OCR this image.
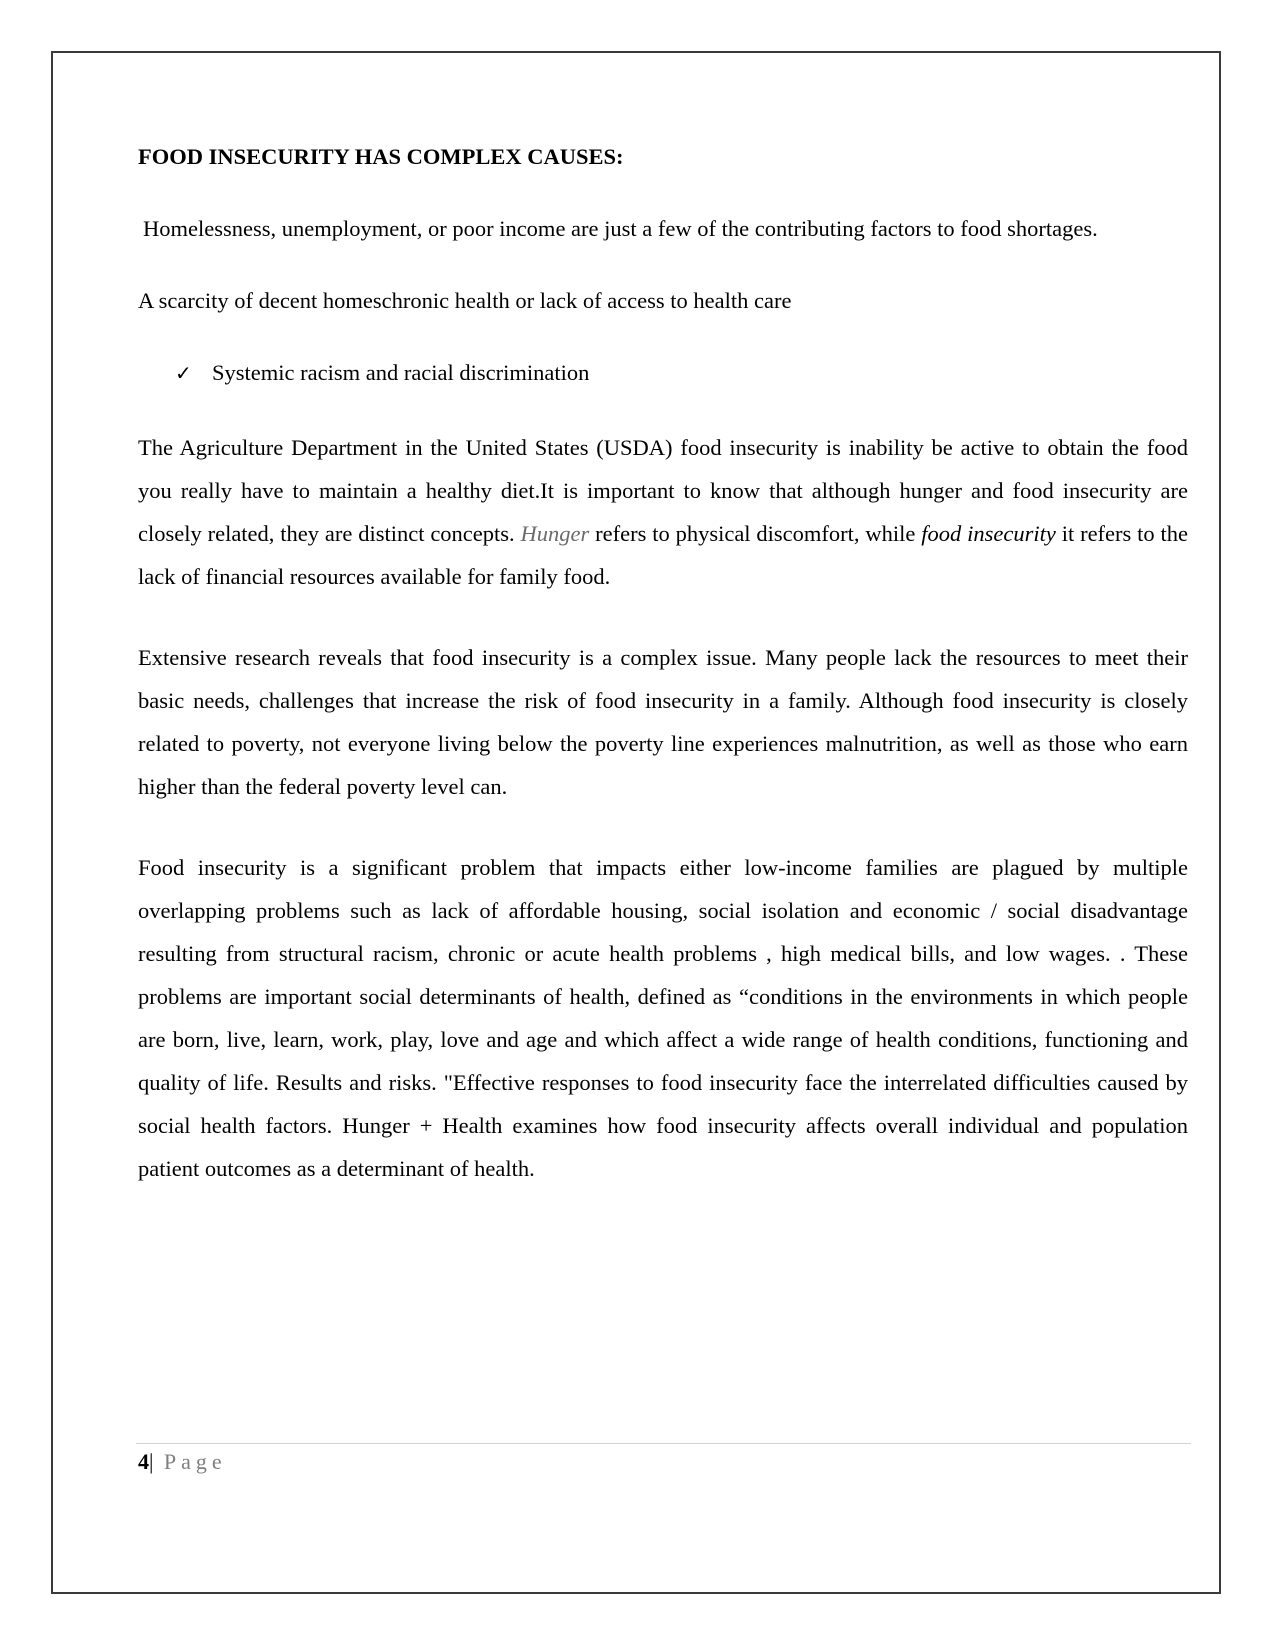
FOOD INSECURITY HAS COMPLEX CAUSES:

Homelessness, unemployment, or poor income are just a few of the contributing factors to food shortages.

A scarcity of decent homeschronic health or lack of access to health care

✓ Systemic racism and racial discrimination

The Agriculture Department in the United States (USDA) food insecurity is inability be active to obtain the food you really have to maintain a healthy diet.It is important to know that although hunger and food insecurity are closely related, they are distinct concepts. Hunger refers to physical discomfort, while food insecurity it refers to the lack of financial resources available for family food.

Extensive research reveals that food insecurity is a complex issue. Many people lack the resources to meet their basic needs, challenges that increase the risk of food insecurity in a family. Although food insecurity is closely related to poverty, not everyone living below the poverty line experiences malnutrition, as well as those who earn higher than the federal poverty level can.

Food insecurity is a significant problem that impacts either low-income families are plagued by multiple overlapping problems such as lack of affordable housing, social isolation and economic / social disadvantage resulting from structural racism, chronic or acute health problems , high medical bills, and low wages. . These problems are important social determinants of health, defined as “conditions in the environments in which people are born, live, learn, work, play, love and age and which affect a wide range of health conditions, functioning and quality of life. Results and risks. "Effective responses to food insecurity face the interrelated difficulties caused by social health factors. Hunger + Health examines how food insecurity affects overall individual and population patient outcomes as a determinant of health.

4| Page
